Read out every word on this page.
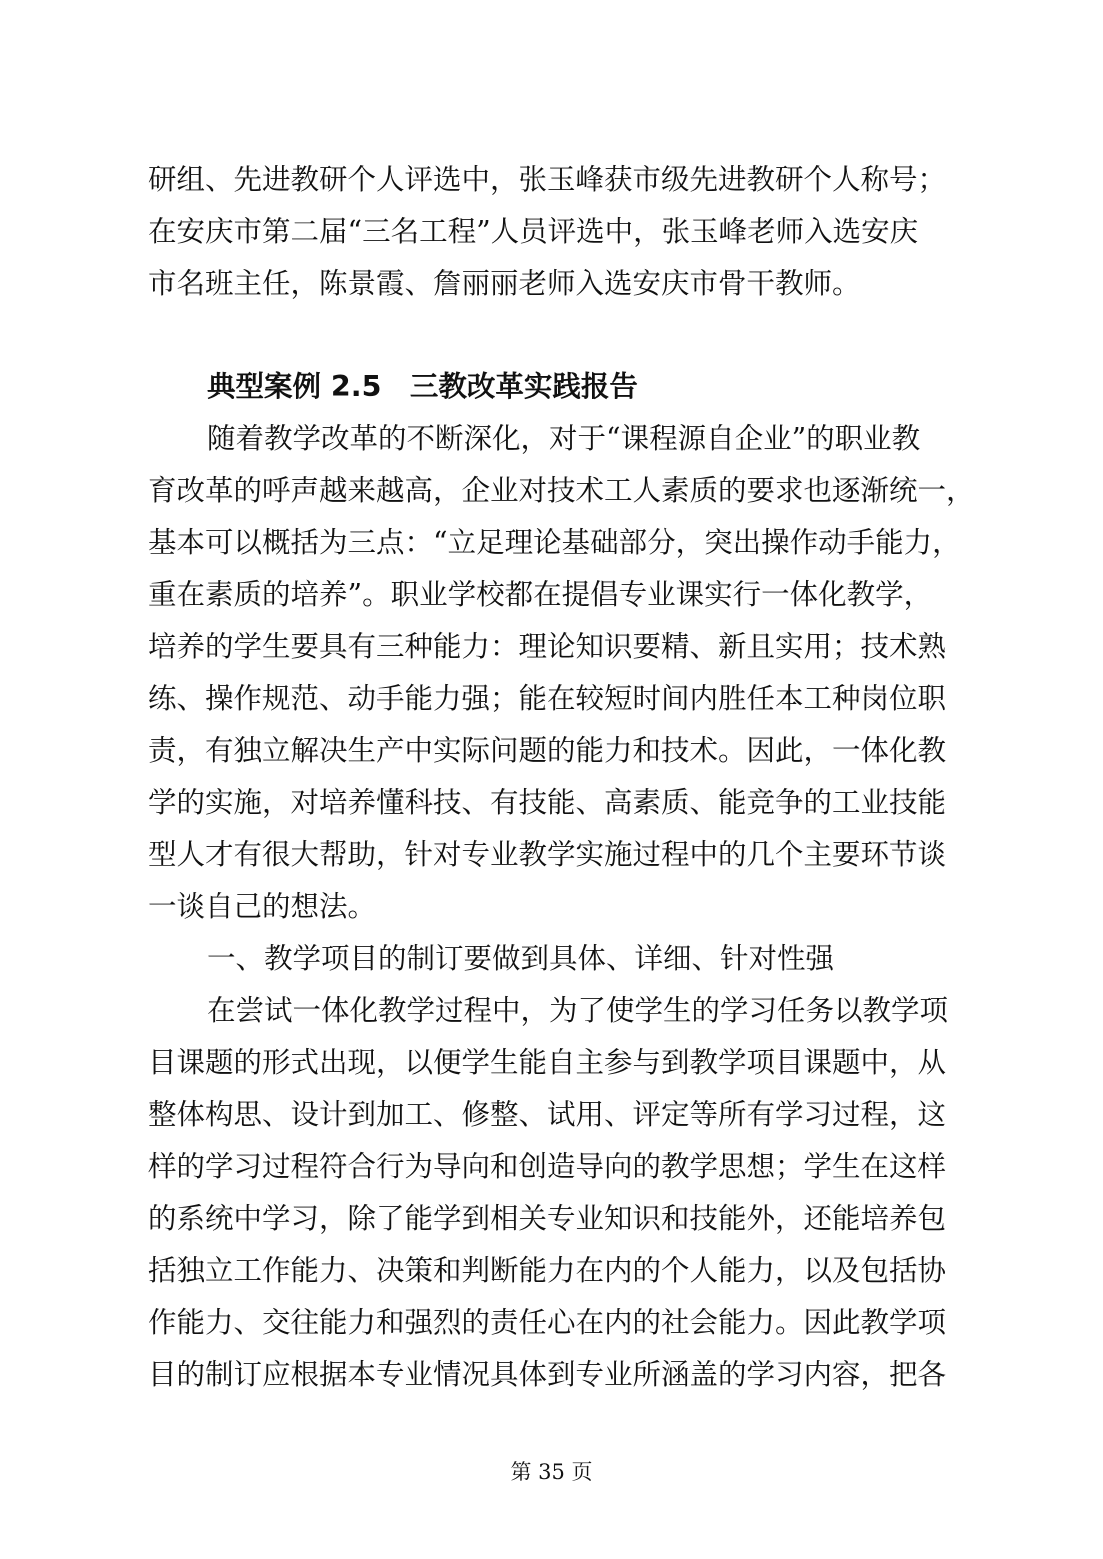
研组、先进教研个人评选中，张玉峰获市级先进教研个人称号；
在安庆市第二届“三名工程”人员评选中，张玉峰老师入选安庆
市名班主任，陈景霞、詹丽丽老师入选安庆市骨干教师。
典型案例 2.5　三教改革实践报告
随着教学改革的不断深化，对于“课程源自企业”的职业教
育改革的呼声越来越高，企业对技术工人素质的要求也逐渐统一，
基本可以概括为三点：“立足理论基础部分，突出操作动手能力，
重在素质的培养”。职业学校都在提倡专业课实行一体化教学，
培养的学生要具有三种能力：理论知识要精、新且实用；技术熟
练、操作规范、动手能力强；能在较短时间内胜任本工种岗位职
责，有独立解决生产中实际问题的能力和技术。因此，一体化教
学的实施，对培养懂科技、有技能、高素质、能竞争的工业技能
型人才有很大帮助，针对专业教学实施过程中的几个主要环节谈
一谈自己的想法。
一、教学项目的制订要做到具体、详细、针对性强
在尝试一体化教学过程中，为了使学生的学习任务以教学项
目课题的形式出现，以便学生能自主参与到教学项目课题中，从
整体构思、设计到加工、修整、试用、评定等所有学习过程，这
样的学习过程符合行为导向和创造导向的教学思想；学生在这样
的系统中学习，除了能学到相关专业知识和技能外，还能培养包
括独立工作能力、决策和判断能力在内的个人能力，以及包括协
作能力、交往能力和强烈的责任心在内的社会能力。因此教学项
目的制订应根据本专业情况具体到专业所涵盖的学习内容，把各
第 35 页
